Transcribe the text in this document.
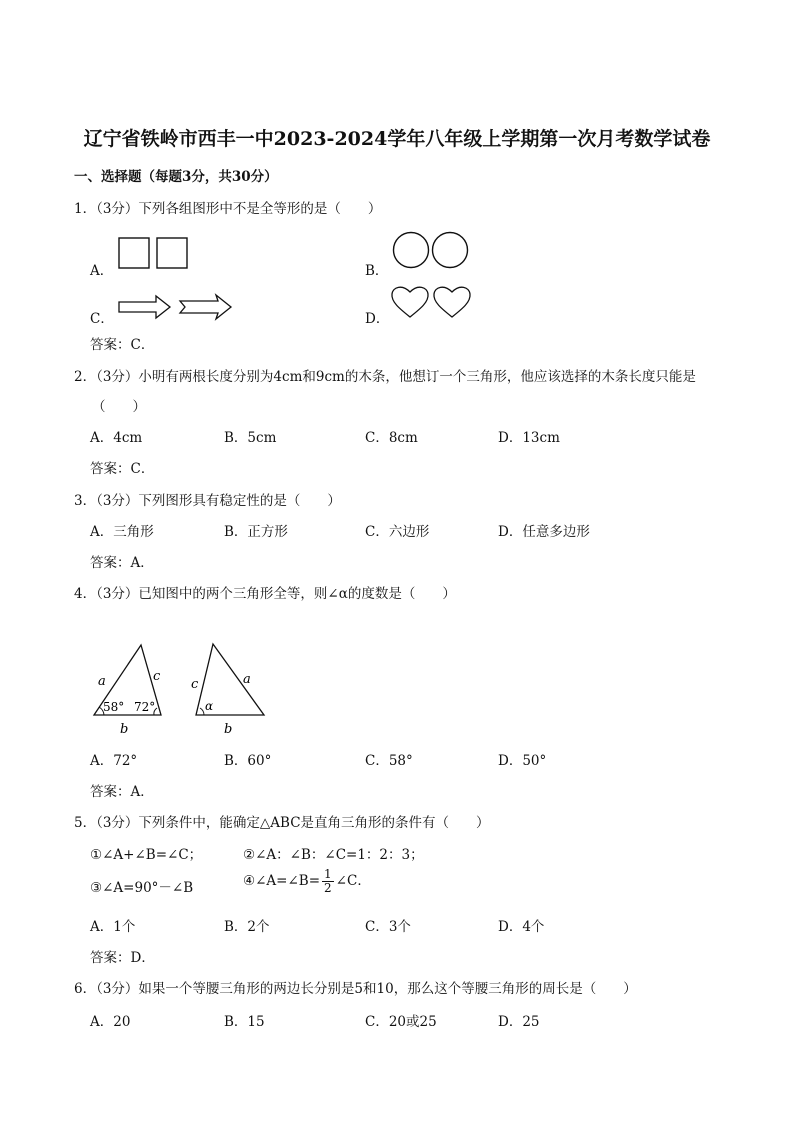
辽宁省铁岭市西丰一中2023-2024学年八年级上学期第一次月考数学试卷
一、选择题（每题3分，共30分）
1．（3分）下列各组图形中不是全等形的是（　　）
A．	B．
C．	D．
答案：C．
2．（3分）小明有两根长度分别为4cm和9cm的木条，他想订一个三角形，他应该选择的木条长度只能是
（　　）
A．4cm	B．5cm	C．8cm	D．13cm
答案：C．
3．（3分）下列图形具有稳定性的是（　　）
A．三角形	B．正方形	C．六边形	D．任意多边形
答案：A．
4．（3分）已知图中的两个三角形全等，则∠α的度数是（　　）
a	c
b
58° 72°
c	a
b
α
A．72°	B．60°	C．58°	D．50°
答案：A．
5．（3分）下列条件中，能确定△ABC是直角三角形的条件有（　　）
①∠A+∠B=∠C；	②∠A：∠B：∠C=1：2：3；
③∠A=90°－∠B	④∠A=∠B= $\frac{1}{2}$ ∠C．
A．1个	B．2个	C．3个	D．4个
答案：D．
6．（3分）如果一个等腰三角形的两边长分别是5和10，那么这个等腰三角形的周长是（　　）
A．20	B．15	C．20或25	D．25
